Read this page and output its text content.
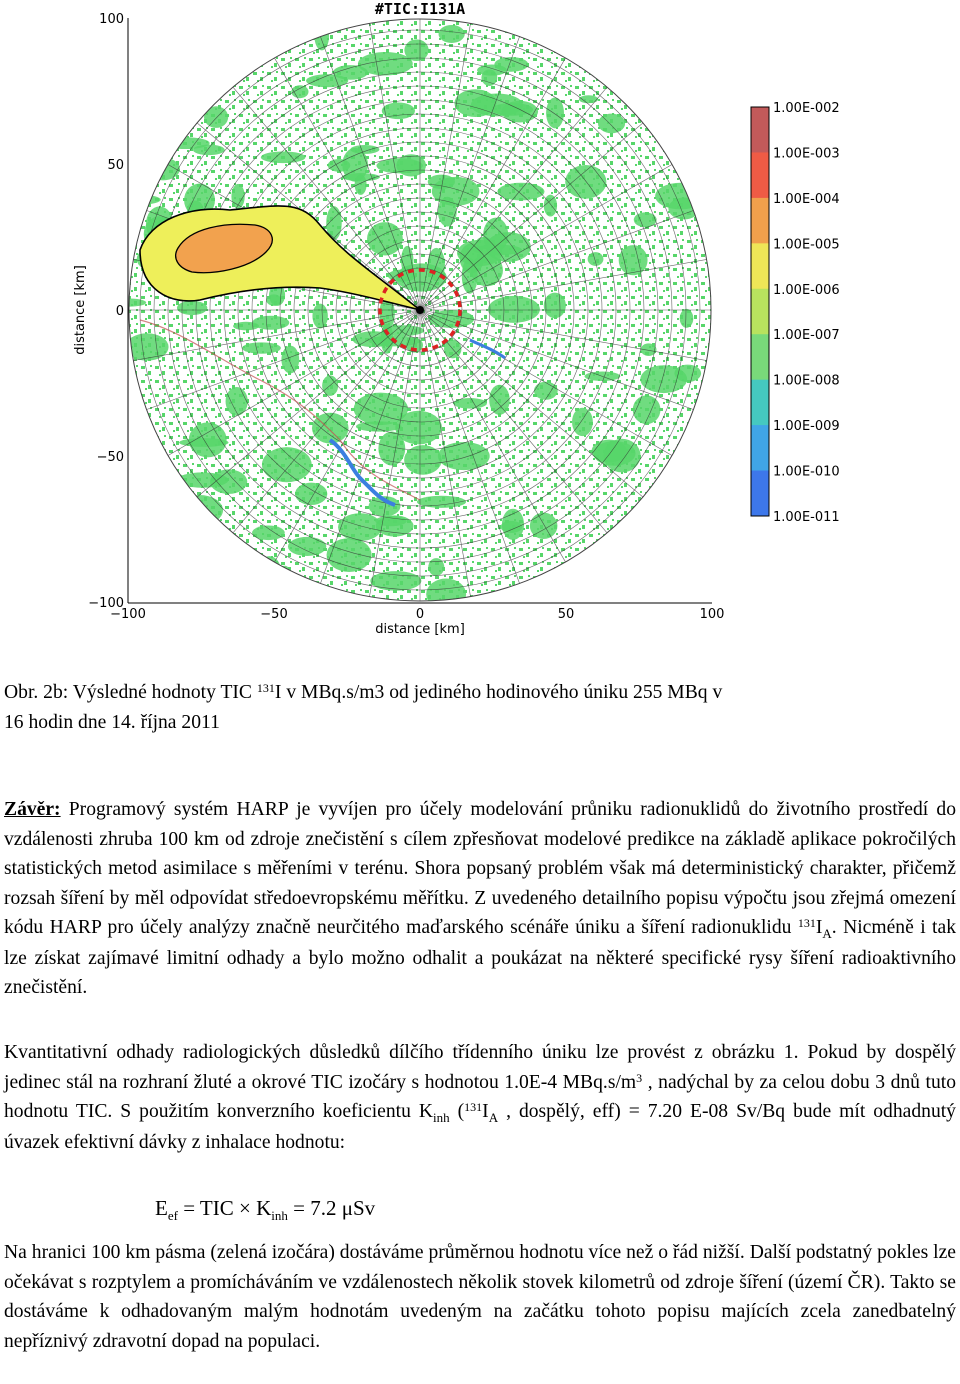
#TIC:I131A
−100	−50	0	50	100
100
50
0
−50
−100
distance [km]
distance [km]
1.00E-002
1.00E-003
1.00E-004
1.00E-005
1.00E-006
1.00E-007
1.00E-008
1.00E-009
1.00E-010
1.00E-011
Obr. 2b: Výsledné hodnoty TIC $^{131}$I v MBq.s/m3 od jediného hodinového úniku 255 MBq v
16 hodin dne 14. října 2011

Závěr: Programový systém HARP je vyvíjen pro účely modelování průniku radionuklidů do životního prostředí do vzdálenosti zhruba 100 km od zdroje znečistění s cílem zpřesňovat modelové predikce na základě aplikace pokročilých statistických metod asimilace s měřeními v terénu. Shora popsaný problém však má deterministický charakter, přičemž rozsah šíření by měl odpovídat středoevropskému měřítku. Z uvedeného detailního popisu výpočtu jsou zřejmá omezení kódu HARP pro účely analýzy značně neurčitého maďarského scénáře úniku a šíření radionuklidu $^{131}I_A$. Nicméně i tak lze získat zajímavé limitní odhady a bylo možno odhalit a poukázat na některé specifické rysy šíření radioaktivního znečistění.

Kvantitativní odhady radiologických důsledků dílčího třídenního úniku lze provést z obrázku 1. Pokud by dospělý jedinec stál na rozhraní žluté a okrové TIC izočáry s hodnotou 1.0E-4 $MBq.s/m^3$ , nadýchal by za celou dobu 3 dnů tuto hodnotu TIC. S použitím konverzního koeficientu $K_{inh}$ ($^{131}I_A$ , dospělý, eff) = 7.20 E-08 Sv/Bq bude mít odhadnutý úvazek efektivní dávky z inhalace hodnotu:

$E_{ef}$ = TIC × $K_{inh} = 7.2$ μSv

Na hranici 100 km pásma (zelená izočára) dostáváme průměrnou hodnotu více než o řád nižší. Další podstatný pokles lze očekávat s rozptylem a promícháváním ve vzdálenostech několik stovek kilometrů od zdroje šíření (území ČR). Takto se dostáváme k odhadovaným malým hodnotám uvedeným na začátku tohoto popisu majících zcela zanedbatelný nepříznivý zdravotní dopad na populaci.
